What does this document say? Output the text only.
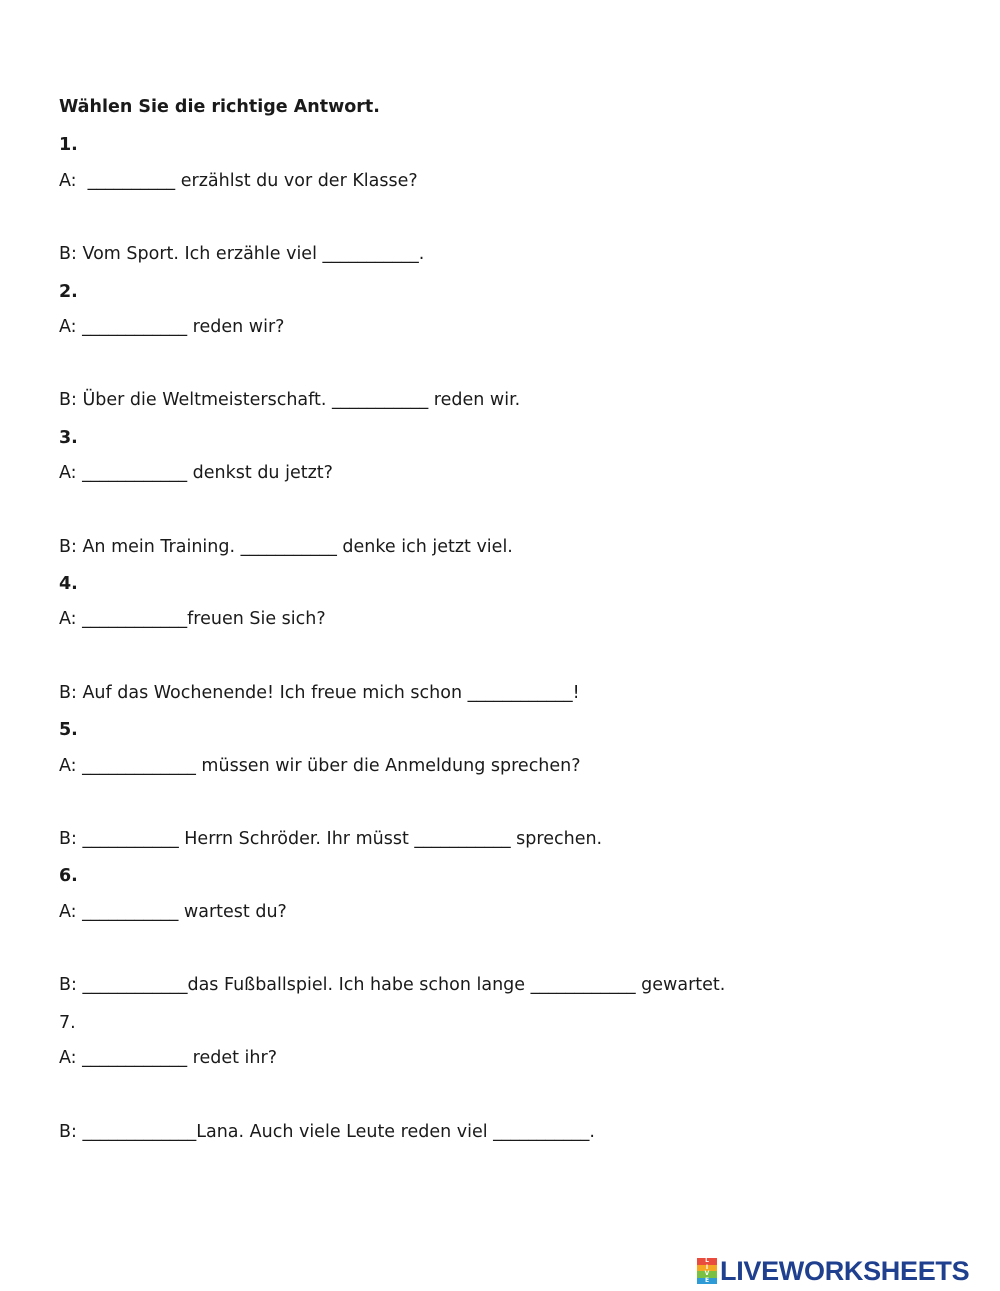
Wählen Sie die richtige Antwort.

1.

A:  __________ erzählst du vor der Klasse?

B: Vom Sport. Ich erzähle viel ___________.

2.

A: ____________ reden wir?

B: Über die Weltmeisterschaft. ___________ reden wir.

3.

A: ____________ denkst du jetzt?

B: An mein Training. ___________ denke ich jetzt viel.

4.

A: ____________freuen Sie sich?

B: Auf das Wochenende! Ich freue mich schon ____________!

5.

A: _____________ müssen wir über die Anmeldung sprechen?

B: ___________ Herrn Schröder. Ihr müsst ___________ sprechen.

6.

A: ___________ wartest du?

B: ____________das Fußballspiel. Ich habe schon lange ____________ gewartet.

7.

A: ____________ redet ihr?

B: _____________Lana. Auch viele Leute reden viel ___________.

L
I
V
E LIVEWORKSHEETS
